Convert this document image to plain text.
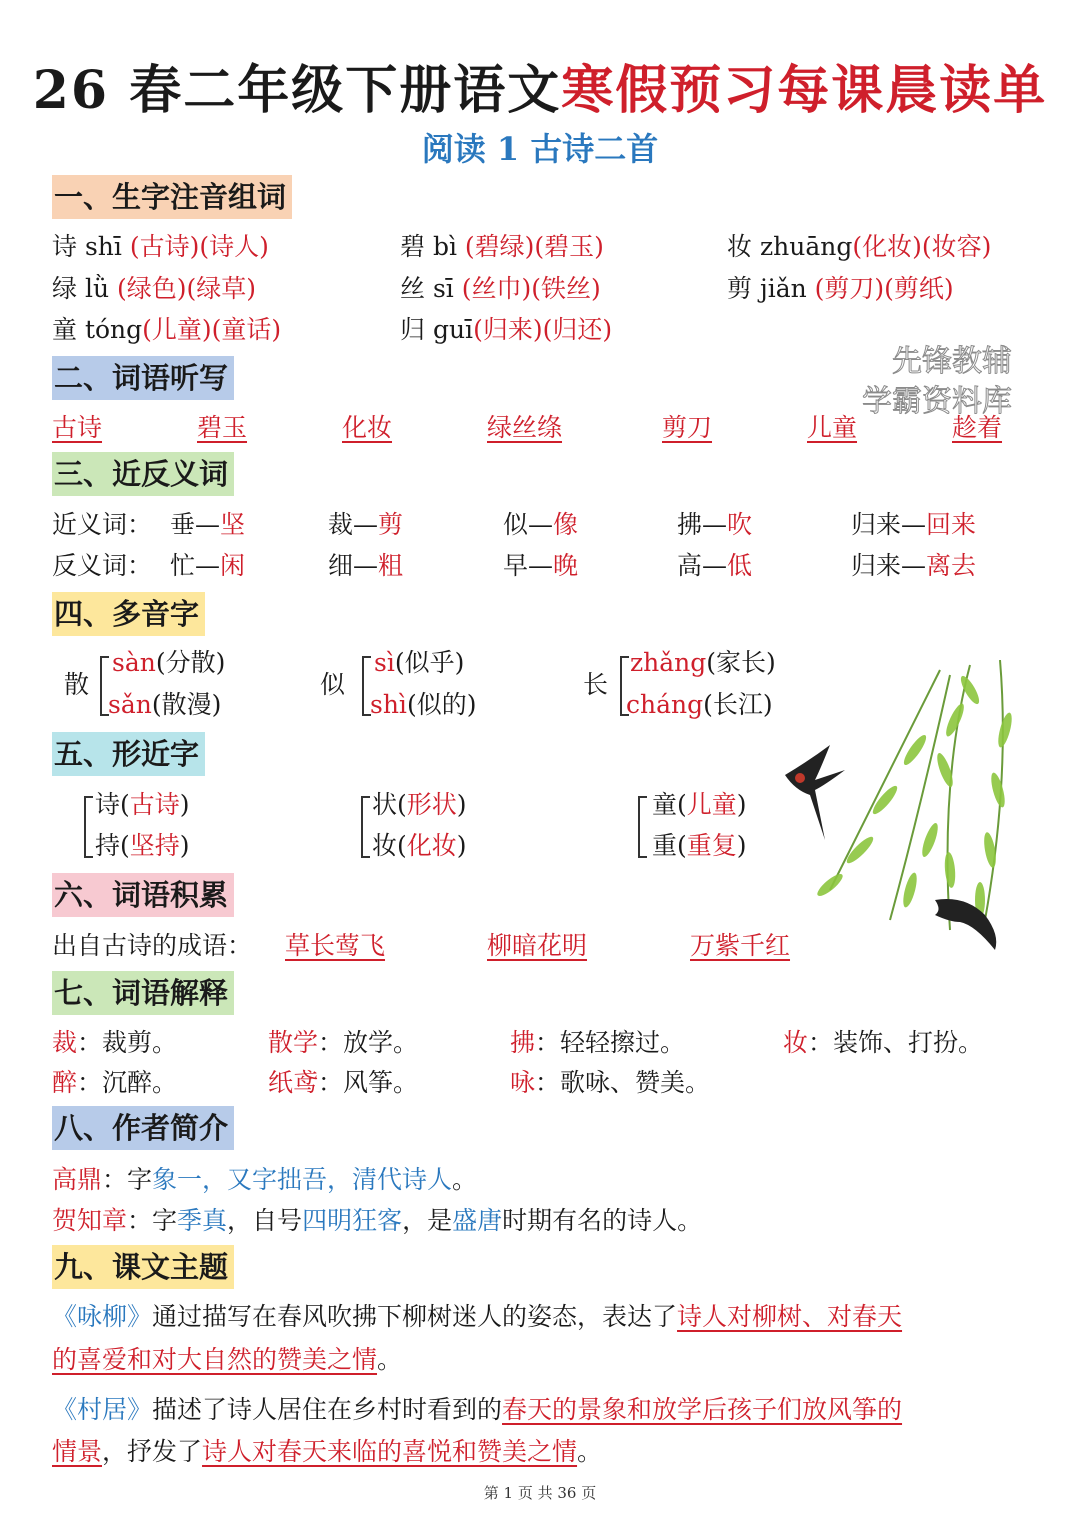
26 春二年级下册语文寒假预习每课晨读单
阅读 1 古诗二首
先锋教辅
学霸资料库
一、生字注音组词
二、词语听写
三、近反义词
四、多音字
五、形近字
六、词语积累
七、词语解释
八、作者简介
九、课文主题
诗 shī (古诗)(诗人)	碧 bì (碧绿)(碧玉)	妆 zhuāng(化妆)(妆容)
绿 lǜ (绿色)(绿草)	丝 sī (丝巾)(铁丝)	剪 jiǎn (剪刀)(剪纸)
童 tóng(儿童)(童话)	归 guī(归来)(归还)
古诗	碧玉	化妆	绿丝绦	剪刀	儿童	趁着
近义词： 垂—坚	裁—剪	似—像	拂—吹	归来—回来
反义词： 忙—闲	细—粗	早—晚	高—低	归来—离去
散
sàn(分散)
sǎn(散漫)
似
sì(似乎)
shì(似的)
长
zhǎng(家长)
cháng(长江)
诗(古诗)
持(坚持)
状(形状)
妆(化妆)
童(儿童)
重(重复)
出自古诗的成语： 草长莺飞	柳暗花明	万紫千红
裁：裁剪。	散学：放学。	拂：轻轻擦过。	妆：装饰、打扮。
醉：沉醉。	纸鸢：风筝。	咏：歌咏、赞美。
高鼎：字象一，又字拙吾，清代诗人。
贺知章：字季真，自号四明狂客，是盛唐时期有名的诗人。
《咏柳》通过描写在春风吹拂下柳树迷人的姿态，表达了诗人对柳树、对春天
的喜爱和对大自然的赞美之情。
《村居》描述了诗人居住在乡村时看到的春天的景象和放学后孩子们放风筝的
情景，抒发了诗人对春天来临的喜悦和赞美之情。
第 1 页 共 36 页
